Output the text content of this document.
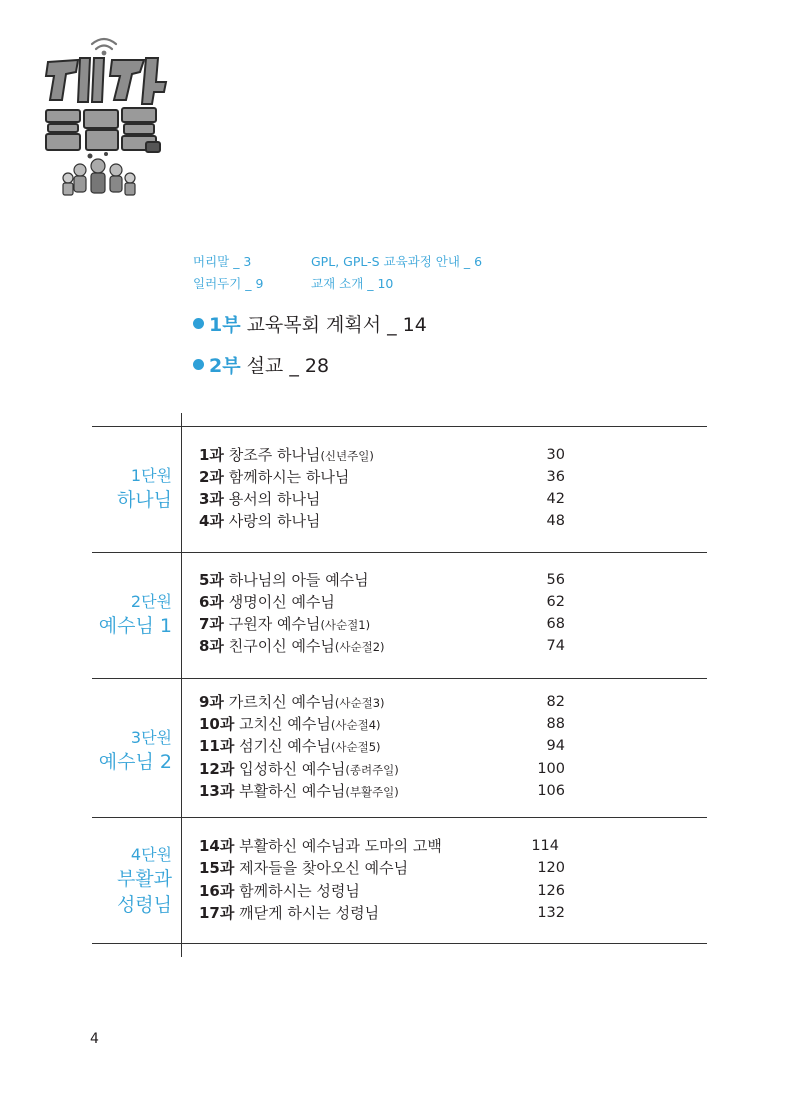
머리말 _ 3	GPL, GPL-S 교육과정 안내 _ 6
일러두기 _ 9	교재 소개 _ 10
1부 교육목회 계획서 _ 14
2부 설교 _ 28
1단원
하나님
1과 창조주 하나님(신년주일)	30
2과 함께하시는 하나님	36
3과 용서의 하나님	42
4과 사랑의 하나님	48
2단원
예수님 1
5과 하나님의 아들 예수님	56
6과 생명이신 예수님	62
7과 구원자 예수님(사순절1)	68
8과 친구이신 예수님(사순절2)	74
3단원
예수님 2
9과 가르치신 예수님(사순절3)	82
10과 고치신 예수님(사순절4)	88
11과 섬기신 예수님(사순절5)	94
12과 입성하신 예수님(종려주일)	100
13과 부활하신 예수님(부활주일)	106
4단원
부활과
성령님
14과 부활하신 예수님과 도마의 고백	114
15과 제자들을 찾아오신 예수님	120
16과 함께하시는 성령님	126
17과 깨닫게 하시는 성령님	132
4
